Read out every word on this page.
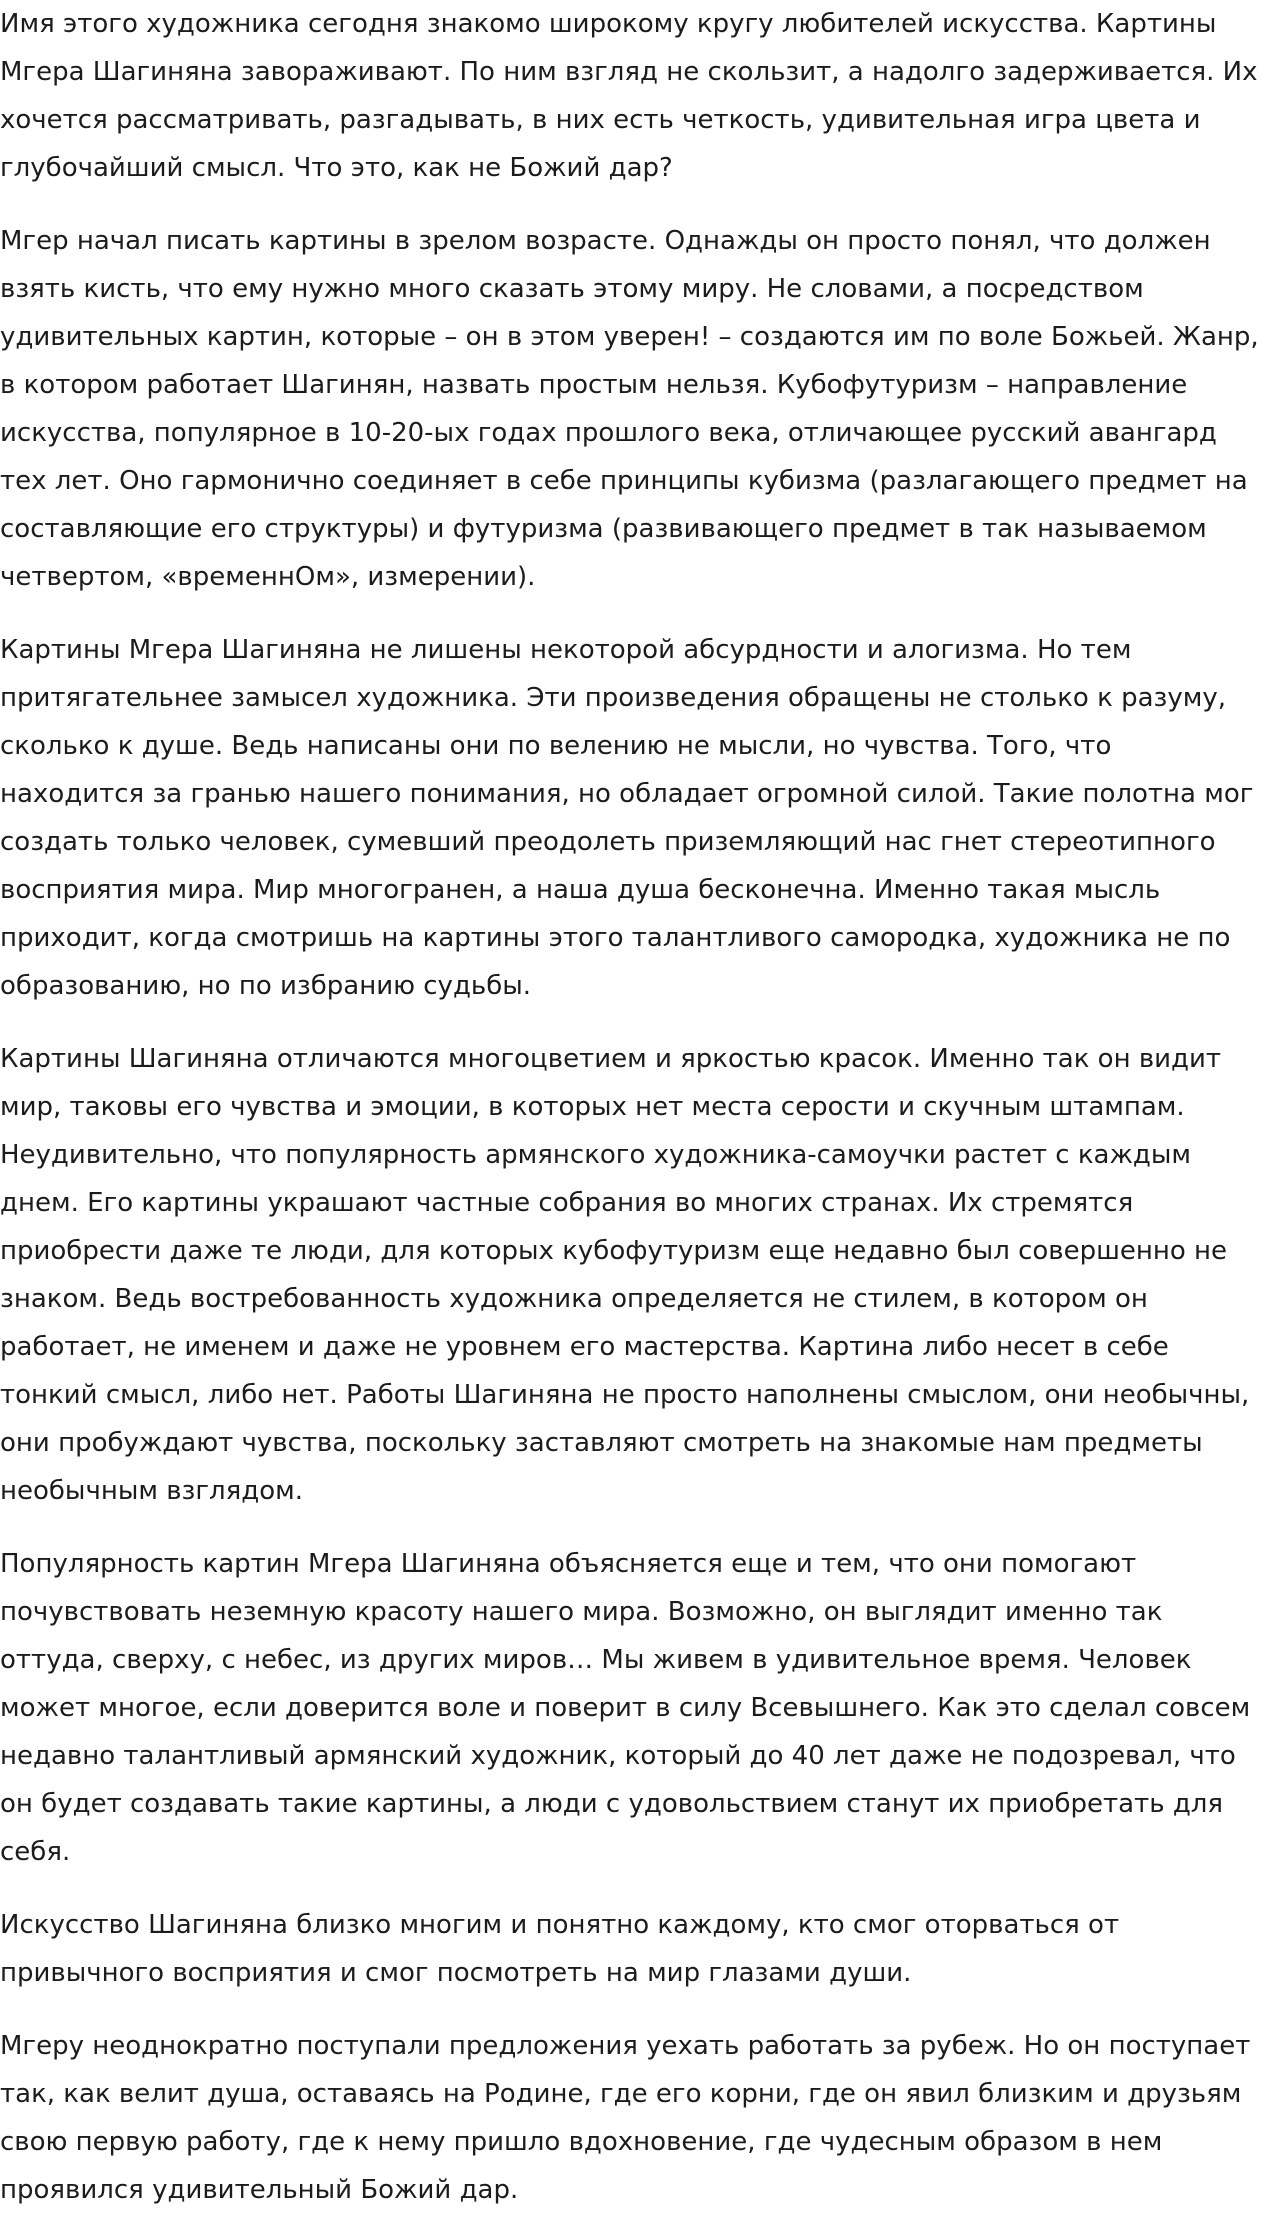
Имя этого художника сегодня знакомо широкому кругу любителей искусства. Картины Мгера Шагиняна завораживают. По ним взгляд не скользит, а надолго задерживается. Их хочется рассматривать, разгадывать, в них есть четкость, удивительная игра цвета и глубочайший смысл. Что это, как не Божий дар?

Мгер начал писать картины в зрелом возрасте. Однажды он просто понял, что должен взять кисть, что ему нужно много сказать этому миру. Не словами, а посредством удивительных картин, которые – он в этом уверен! – создаются им по воле Божьей. Жанр, в котором работает Шагинян, назвать простым нельзя. Кубофутуризм – направление искусства, популярное в 10-20-ых годах прошлого века, отличающее русский авангард тех лет. Оно гармонично соединяет в себе принципы кубизма (разлагающего предмет на составляющие его структуры) и футуризма (развивающего предмет в так называемом четвертом, «временнОм», измерении).

Картины Мгера Шагиняна не лишены некоторой абсурдности и алогизма. Но тем притягательнее замысел художника. Эти произведения обращены не столько к разуму, сколько к душе. Ведь написаны они по велению не мысли, но чувства. Того, что находится за гранью нашего понимания, но обладает огромной силой. Такие полотна мог создать только человек, сумевший преодолеть приземляющий нас гнет стереотипного восприятия мира. Мир многогранен, а наша душа бесконечна. Именно такая мысль приходит, когда смотришь на картины этого талантливого самородка, художника не по образованию, но по избранию судьбы.

Картины Шагиняна отличаются многоцветием и яркостью красок. Именно так он видит мир, таковы его чувства и эмоции, в которых нет места серости и скучным штампам. Неудивительно, что популярность армянского художника-самоучки растет с каждым днем. Его картины украшают частные собрания во многих странах. Их стремятся приобрести даже те люди, для которых кубофутуризм еще недавно был совершенно не знаком. Ведь востребованность художника определяется не стилем, в котором он работает, не именем и даже не уровнем его мастерства. Картина либо несет в себе тонкий смысл, либо нет. Работы Шагиняна не просто наполнены смыслом, они необычны, они пробуждают чувства, поскольку заставляют смотреть на знакомые нам предметы необычным взглядом.

Популярность картин Мгера Шагиняна объясняется еще и тем, что они помогают почувствовать неземную красоту нашего мира. Возможно, он выглядит именно так оттуда, сверху, с небес, из других миров… Мы живем в удивительное время. Человек может многое, если доверится воле и поверит в силу Всевышнего. Как это сделал совсем недавно талантливый армянский художник, который до 40 лет даже не подозревал, что он будет создавать такие картины, а люди с удовольствием станут их приобретать для себя.

Искусство Шагиняна близко многим и понятно каждому, кто смог оторваться от привычного восприятия и смог посмотреть на мир глазами души.

Мгеру неоднократно поступали предложения уехать работать за рубеж. Но он поступает так, как велит душа, оставаясь на Родине, где его корни, где он явил близким и друзьям свою первую работу, где к нему пришло вдохновение, где чудесным образом в нем проявился удивительный Божий дар.
